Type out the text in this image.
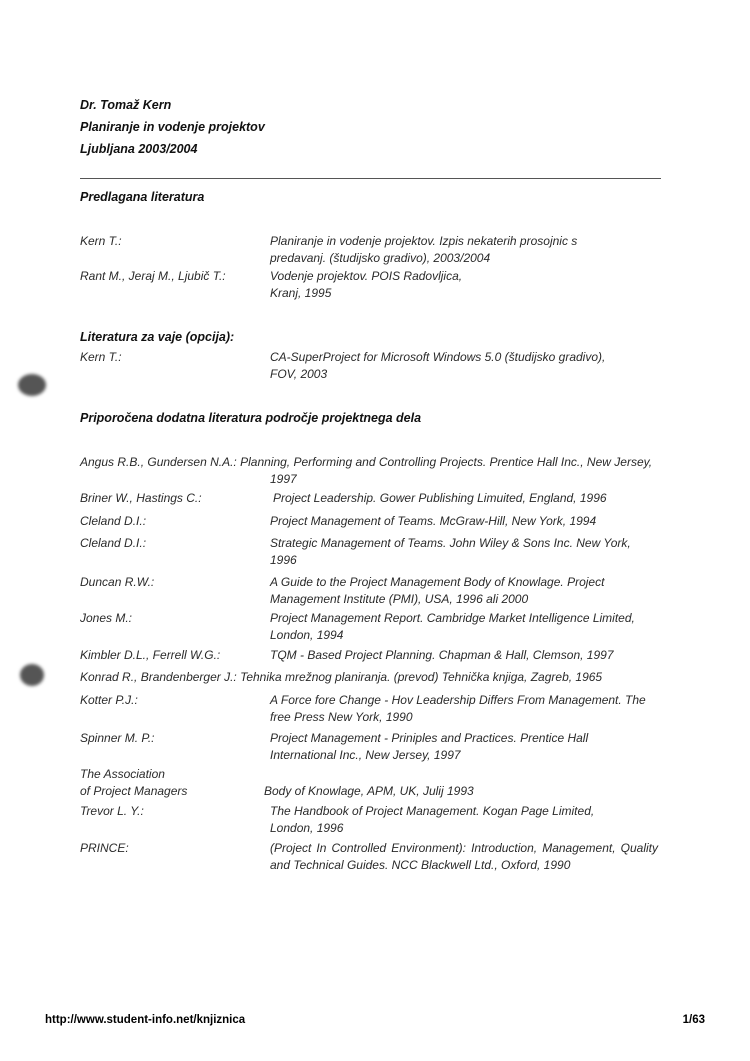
Dr. Tomaž Kern
Planiranje in vodenje projektov
Ljubljana 2003/2004
Predlagana literatura
Kern T.:	Planiranje in vodenje projektov. Izpis nekaterih prosojnic s predavanj. (študijsko gradivo), 2003/2004
Rant M., Jeraj M., Ljubič T.:	Vodenje projektov. POIS Radovljica,
Kranj, 1995
Literatura za vaje (opcija):
Kern T.:	CA-SuperProject for Microsoft Windows 5.0 (študijsko gradivo),
FOV, 2003
Priporočena dodatna literatura področje projektnega dela
Angus R.B., Gundersen N.A.: Planning, Performing and Controlling Projects. Prentice Hall Inc., New Jersey, 1997
Briner W., Hastings C.:	Project Leadership. Gower Publishing Limuited, England, 1996
Cleland D.I.:	Project Management of Teams. McGraw-Hill, New York, 1994
Cleland D.I.:	Strategic Management of Teams. John Wiley & Sons Inc. New York, 1996
Duncan R.W.:	A Guide to the Project Management Body of Knowlage. Project Management Institute (PMI), USA, 1996 ali 2000
Jones M.:	Project Management Report. Cambridge Market Intelligence Limited, London, 1994
Kimbler D.L., Ferrell W.G.:	TQM - Based Project Planning. Chapman & Hall, Clemson, 1997
Konrad R., Brandenberger J.: Tehnika mrežnog planiranja. (prevod) Tehnička knjiga, Zagreb, 1965
Kotter P.J.:	A Force fore Change - Hov Leadership Differs From Management. The free Press New York, 1990
Spinner M. P.:	Project Management - Priniples and Practices. Prentice Hall International Inc., New Jersey, 1997
The Association
of Project Managers	Body of Knowlage, APM, UK, Julij 1993
Trevor L. Y.:	The Handbook of Project Management. Kogan Page Limited, London, 1996
PRINCE:	(Project In Controlled Environment): Introduction, Management, Quality and Technical Guides. NCC Blackwell Ltd., Oxford, 1990
http://www.student-info.net/knjiznica	1/63
